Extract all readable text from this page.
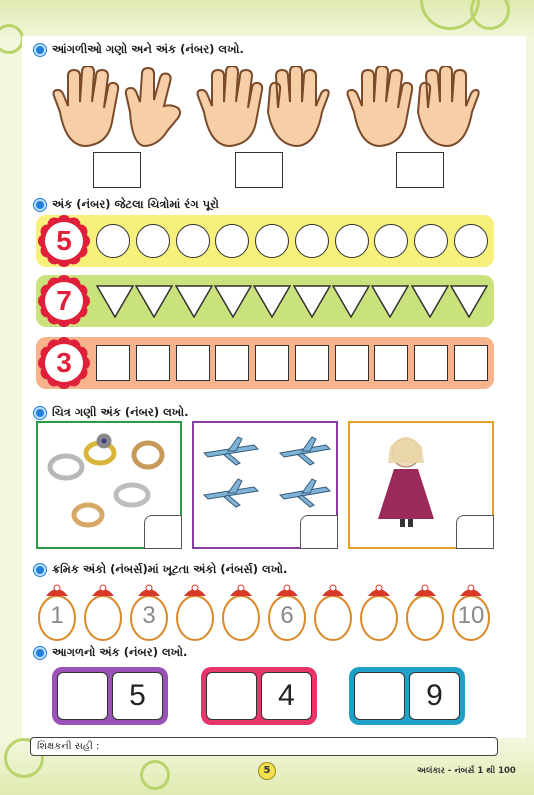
આંગળીઓ ગણો અને અંક (નંબર) લખો.
અંક (નંબર) જેટલા ચિત્રોમાં રંગ પૂરો
5
7
3
ચિત્ર ગણી અંક (નંબર) લખો.
ક્રમિક અંકો (નંબર્સ)માં ખૂટતા અંકો (નંબર્સ) લખો.
1	3	6	10
આગળનો અંક (નંબર) લખો.
5	4	9
શિક્ષકની સહી :
5	અલંકાર - નંબર્સ 1 થી 100
